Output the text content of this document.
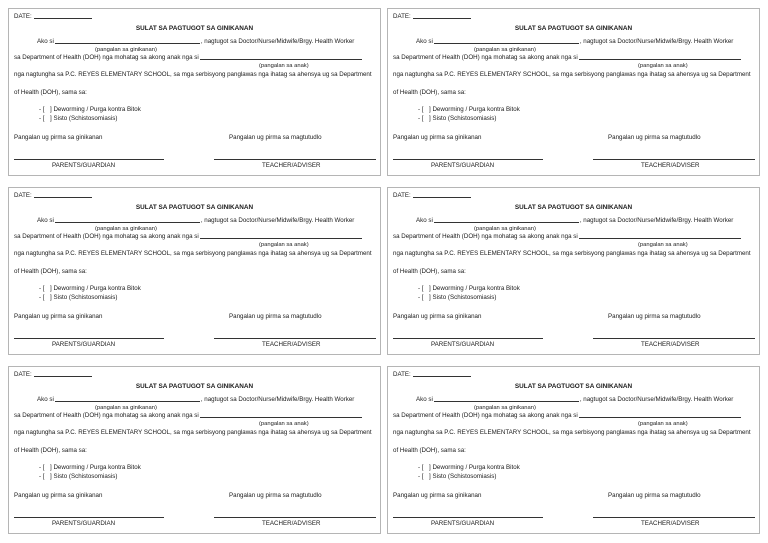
DATE:
SULAT SA PAGTUGOT SA GINIKANAN
Ako si	, nagtugot sa Doctor/Nurse/Midwife/Brgy. Health Worker
(pangalan sa ginikanan)
sa Department of Health (DOH) nga mohatag sa akong anak nga si
(pangalan sa anak)
nga nagtungha sa P.C. REYES ELEMENTARY SCHOOL, sa mga serbisyong panglawas nga ihatag sa ahensya ug sa Department
of Health (DOH), sama sa:
- [ ] Deworming / Purga kontra Bitok
- [ ] Sisto (Schistosomiasis)
Pangalan ug pirma sa ginikanan	Pangalan ug pirma sa magtutudlo
PARENTS/GUARDIAN	TEACHER/ADVISER
DATE:
SULAT SA PAGTUGOT SA GINIKANAN
Ako si	, nagtugot sa Doctor/Nurse/Midwife/Brgy. Health Worker
(pangalan sa ginikanan)
sa Department of Health (DOH) nga mohatag sa akong anak nga si
(pangalan sa anak)
nga nagtungha sa P.C. REYES ELEMENTARY SCHOOL, sa mga serbisyong panglawas nga ihatag sa ahensya ug sa Department
of Health (DOH), sama sa:
- [ ] Deworming / Purga kontra Bitok
- [ ] Sisto (Schistosomiasis)
Pangalan ug pirma sa ginikanan	Pangalan ug pirma sa magtutudlo
PARENTS/GUARDIAN	TEACHER/ADVISER
DATE:
SULAT SA PAGTUGOT SA GINIKANAN
Ako si	, nagtugot sa Doctor/Nurse/Midwife/Brgy. Health Worker
(pangalan sa ginikanan)
sa Department of Health (DOH) nga mohatag sa akong anak nga si
(pangalan sa anak)
nga nagtungha sa P.C. REYES ELEMENTARY SCHOOL, sa mga serbisyong panglawas nga ihatag sa ahensya ug sa Department
of Health (DOH), sama sa:
- [ ] Deworming / Purga kontra Bitok
- [ ] Sisto (Schistosomiasis)
Pangalan ug pirma sa ginikanan	Pangalan ug pirma sa magtutudlo
PARENTS/GUARDIAN	TEACHER/ADVISER
DATE:
SULAT SA PAGTUGOT SA GINIKANAN
Ako si	, nagtugot sa Doctor/Nurse/Midwife/Brgy. Health Worker
(pangalan sa ginikanan)
sa Department of Health (DOH) nga mohatag sa akong anak nga si
(pangalan sa anak)
nga nagtungha sa P.C. REYES ELEMENTARY SCHOOL, sa mga serbisyong panglawas nga ihatag sa ahensya ug sa Department
of Health (DOH), sama sa:
- [ ] Deworming / Purga kontra Bitok
- [ ] Sisto (Schistosomiasis)
Pangalan ug pirma sa ginikanan	Pangalan ug pirma sa magtutudlo
PARENTS/GUARDIAN	TEACHER/ADVISER
DATE:
SULAT SA PAGTUGOT SA GINIKANAN
Ako si	, nagtugot sa Doctor/Nurse/Midwife/Brgy. Health Worker
(pangalan sa ginikanan)
sa Department of Health (DOH) nga mohatag sa akong anak nga si
(pangalan sa anak)
nga nagtungha sa P.C. REYES ELEMENTARY SCHOOL, sa mga serbisyong panglawas nga ihatag sa ahensya ug sa Department
of Health (DOH), sama sa:
- [ ] Deworming / Purga kontra Bitok
- [ ] Sisto (Schistosomiasis)
Pangalan ug pirma sa ginikanan	Pangalan ug pirma sa magtutudlo
PARENTS/GUARDIAN	TEACHER/ADVISER
DATE:
SULAT SA PAGTUGOT SA GINIKANAN
Ako si	, nagtugot sa Doctor/Nurse/Midwife/Brgy. Health Worker
(pangalan sa ginikanan)
sa Department of Health (DOH) nga mohatag sa akong anak nga si
(pangalan sa anak)
nga nagtungha sa P.C. REYES ELEMENTARY SCHOOL, sa mga serbisyong panglawas nga ihatag sa ahensya ug sa Department
of Health (DOH), sama sa:
- [ ] Deworming / Purga kontra Bitok
- [ ] Sisto (Schistosomiasis)
Pangalan ug pirma sa ginikanan	Pangalan ug pirma sa magtutudlo
PARENTS/GUARDIAN	TEACHER/ADVISER
